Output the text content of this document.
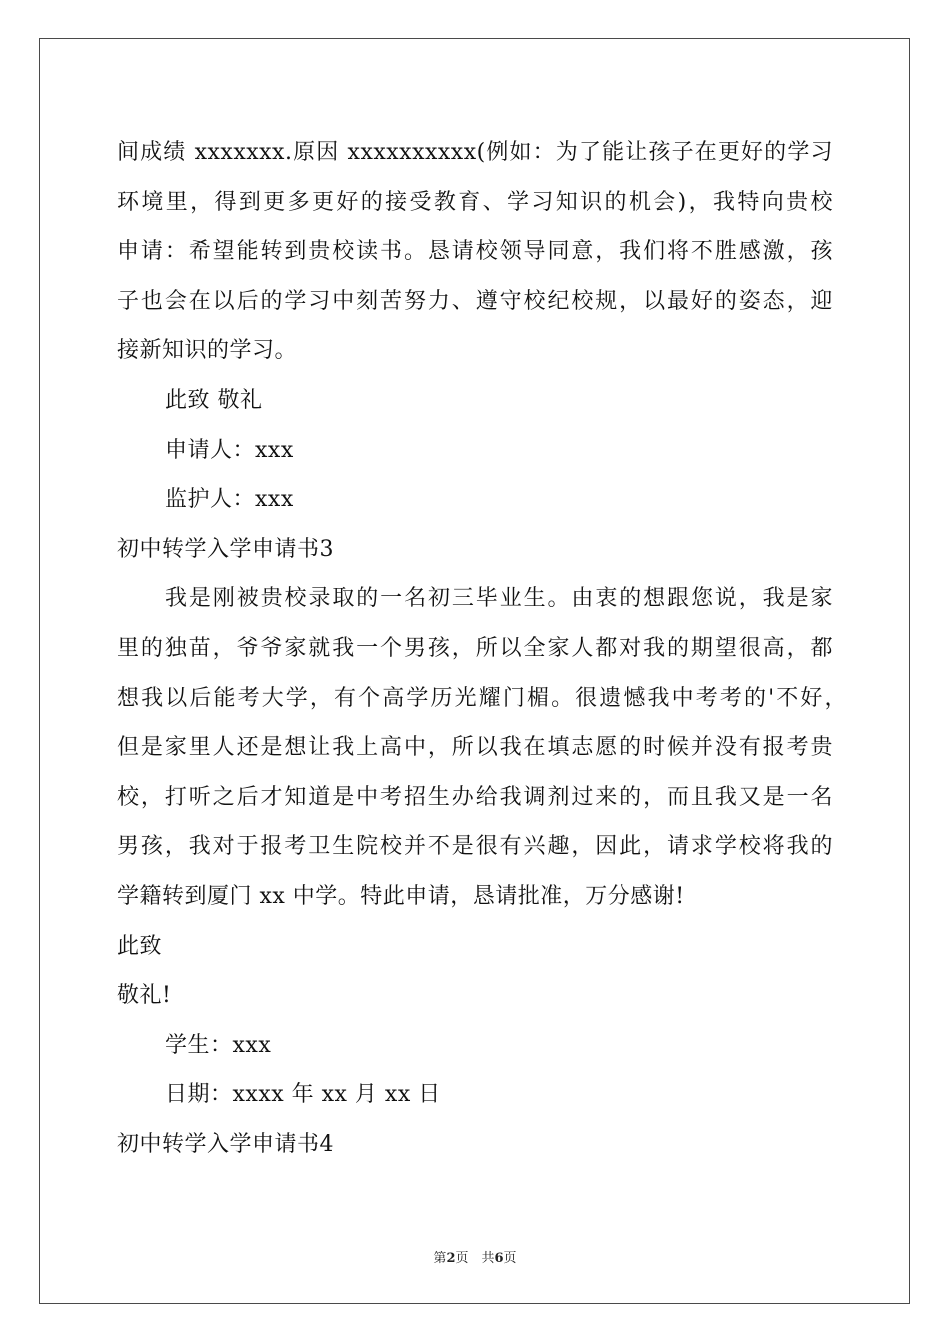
间成绩 xxxxxxx.原因 xxxxxxxxxx(例如：为了能让孩子在更好的学习
环境里，得到更多更好的接受教育、学习知识的机会)，我特向贵校
申请：希望能转到贵校读书。恳请校领导同意，我们将不胜感激，孩
子也会在以后的学习中刻苦努力、遵守校纪校规，以最好的姿态，迎
接新知识的学习。
此致 敬礼
申请人：xxx
监护人：xxx
初中转学入学申请书3
我是刚被贵校录取的一名初三毕业生。由衷的想跟您说，我是家
里的独苗，爷爷家就我一个男孩，所以全家人都对我的期望很高，都
想我以后能考大学，有个高学历光耀门楣。很遗憾我中考考的'不好，
但是家里人还是想让我上高中，所以我在填志愿的时候并没有报考贵
校，打听之后才知道是中考招生办给我调剂过来的，而且我又是一名
男孩，我对于报考卫生院校并不是很有兴趣，因此，请求学校将我的
学籍转到厦门 xx 中学。特此申请，恳请批准，万分感谢!
此致
敬礼!
学生：xxx
日期：xxxx 年 xx 月 xx 日
初中转学入学申请书4
第2页　共6页
